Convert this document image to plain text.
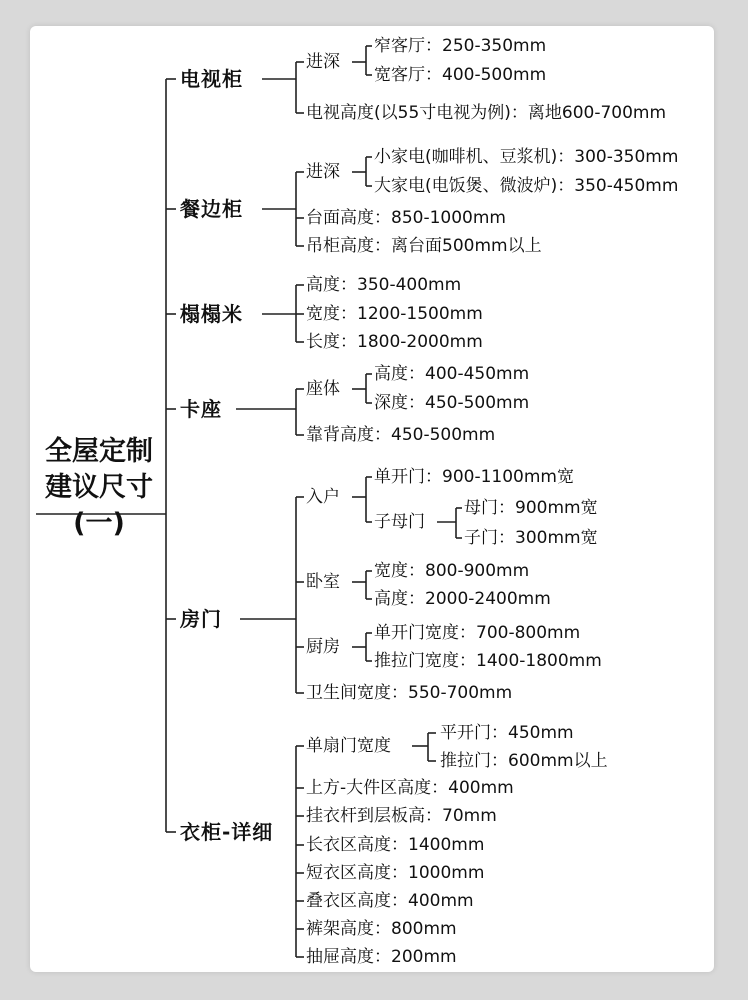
全屋定制
建议尺寸
(一)
电视柜
进深
窄客厅：250-350mm
宽客厅：400-500mm
电视高度(以55寸电视为例)：离地600-700mm
餐边柜
进深
小家电(咖啡机、豆浆机)：300-350mm
大家电(电饭煲、微波炉)：350-450mm
台面高度：850-1000mm
吊柜高度：离台面500mm以上
榻榻米
高度：350-400mm
宽度：1200-1500mm
长度：1800-2000mm
卡座
座体
高度：400-450mm
深度：450-500mm
靠背高度：450-500mm
房门
入户
单开门：900-1100mm宽
子母门
母门：900mm宽
子门：300mm宽
卧室
宽度：800-900mm
高度：2000-2400mm
厨房
单开门宽度：700-800mm
推拉门宽度：1400-1800mm
卫生间宽度：550-700mm
衣柜-详细
单扇门宽度
平开门：450mm
推拉门：600mm以上
上方-大件区高度：400mm
挂衣杆到层板高：70mm
长衣区高度：1400mm
短衣区高度：1000mm
叠衣区高度：400mm
裤架高度：800mm
抽屉高度：200mm
